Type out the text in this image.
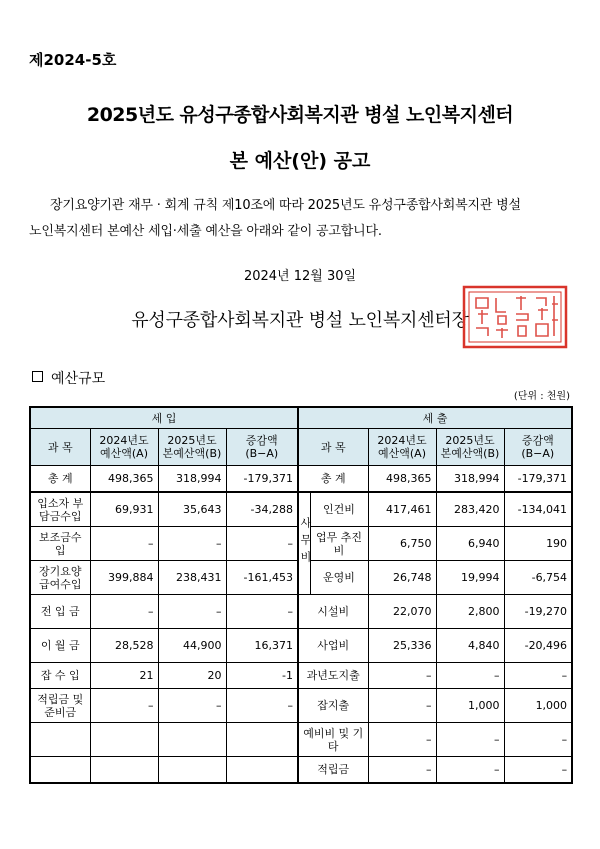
제2024-5호
2025년도 유성구종합사회복지관 병설 노인복지센터
본 예산(안) 공고
장기요양기관 재무 · 회계 규칙 제10조에 따라 2025년도 유성구종합사회복지관 병설
노인복지센터 본예산 세입·세출 예산을 아래와 같이 공고합니다.
2024년 12월 30일
유성구종합사회복지관 병설 노인복지센터장
예산규모
(단위 : 천원)
세 입				세 출				
과 목	2024년도 예산액(A)	2025년도 본예산액(B)	증감액 (B−A)	과 목		2024년도 예산액(A)	2025년도 본예산액(B)	증감액 (B−A)
총 계	498,365	318,994	-179,371	총 계		498,365	318,994	-179,371
입소자 부담금수입	69,931	35,643	-34,288	사무비	인건비	417,461	283,420	-134,041
보조금수입	–	–	–		업무 추진비	6,750	6,940	190
장기요양 급여수입	399,884	238,431	-161,453		운영비	26,748	19,994	-6,754
전 입 금	–	–	–	시설비		22,070	2,800	-19,270
이 월 금	28,528	44,900	16,371	사업비		25,336	4,840	-20,496
잡 수 입	21	20	-1	과년도지출		–	–	–
적립금 및 준비금	–	–	–	잡지출		–	1,000	1,000
				예비비 및 기타		–	–	–
				적립금		–	–	–
